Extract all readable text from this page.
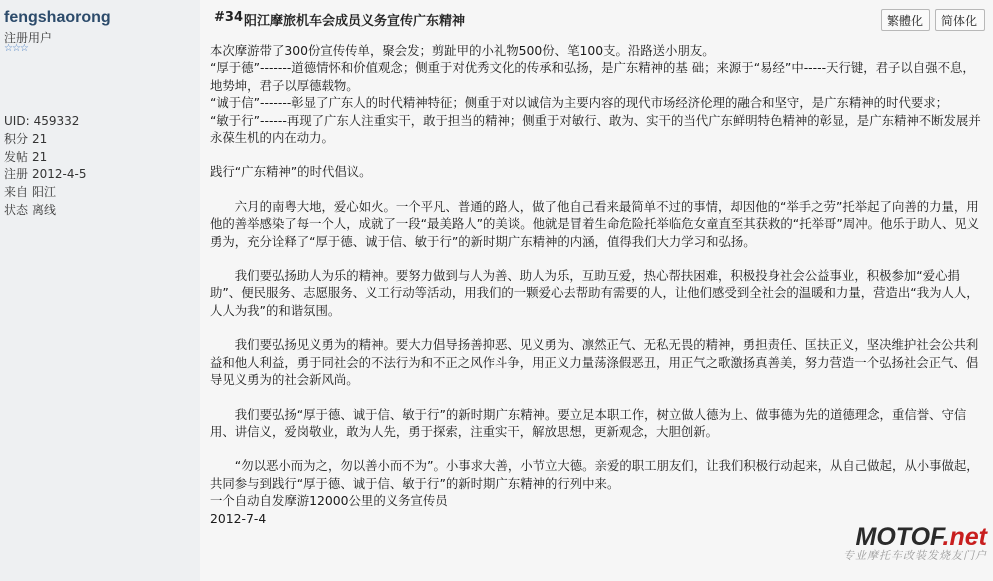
fengshaorong
注册用户
☆☆☆
UID: 459332
积分 21
发帖 21
注册 2012-4-5
来自 阳江
状态 离线
#34 阳江摩旅机车会成员义务宣传广东精神	繁體化	简体化

本次摩游带了300份宣传传单，聚会发；剪趾甲的小礼物500份、笔100支。沿路送小朋友。

“厚于德”-------道德情怀和价值观念；侧重于对优秀文化的传承和弘扬，是广东精神的基 础；来源于“易经”中-----天行键，君子以自强不息，地势坤，君子以厚德载物。

“诚于信”-------彰显了广东人的时代精神特征；侧重于对以诚信为主要内容的现代市场经济伦理的融合和坚守，是广东精神的时代要求；

“敏于行”------再现了广东人注重实干，敢于担当的精神；侧重于对敏行、敢为、实干的当代广东鲜明特色精神的彰显，是广东精神不断发展并永葆生机的内在动力。

践行“广东精神”的时代倡议。

六月的南粤大地，爱心如火。一个平凡、普通的路人，做了他自己看来最简单不过的事情，却因他的“举手之劳”托举起了向善的力量，用他的善举感染了每一个人，成就了一段“最美路人”的美谈。他就是冒着生命危险托举临危女童直至其获救的“托举哥”周冲。他乐于助人、见义勇为，充分诠释了“厚于德、诚于信、敏于行”的新时期广东精神的内涵，值得我们大力学习和弘扬。

我们要弘扬助人为乐的精神。要努力做到与人为善、助人为乐，互助互爱，热心帮扶困难，积极投身社会公益事业，积极参加“爱心捐助”、便民服务、志愿服务、义工行动等活动，用我们的一颗爱心去帮助有需要的人，让他们感受到全社会的温暖和力量，营造出“我为人人，人人为我”的和谐氛围。

我们要弘扬见义勇为的精神。要大力倡导扬善抑恶、见义勇为、凛然正气、无私无畏的精神，勇担责任、匡扶正义，坚决维护社会公共利益和他人利益，勇于同社会的不法行为和不正之风作斗争，用正义力量荡涤假恶丑，用正气之歌激扬真善美，努力营造一个弘扬社会正气、倡导见义勇为的社会新风尚。

我们要弘扬“厚于德、诚于信、敏于行”的新时期广东精神。要立足本职工作，树立做人德为上、做事德为先的道德理念，重信誉、守信用、讲信义，爱岗敬业，敢为人先，勇于探索，注重实干，解放思想，更新观念，大胆创新。

“勿以恶小而为之，勿以善小而不为”。小事求大善，小节立大德。亲爱的职工朋友们，让我们积极行动起来，从自己做起，从小事做起，共同参与到践行“厚于德、诚于信、敏于行”的新时期广东精神的行列中来。

一个自动自发摩游12000公里的义务宣传员

2012-7-4

MOTOF.net
专业摩托车改装发烧友门户
